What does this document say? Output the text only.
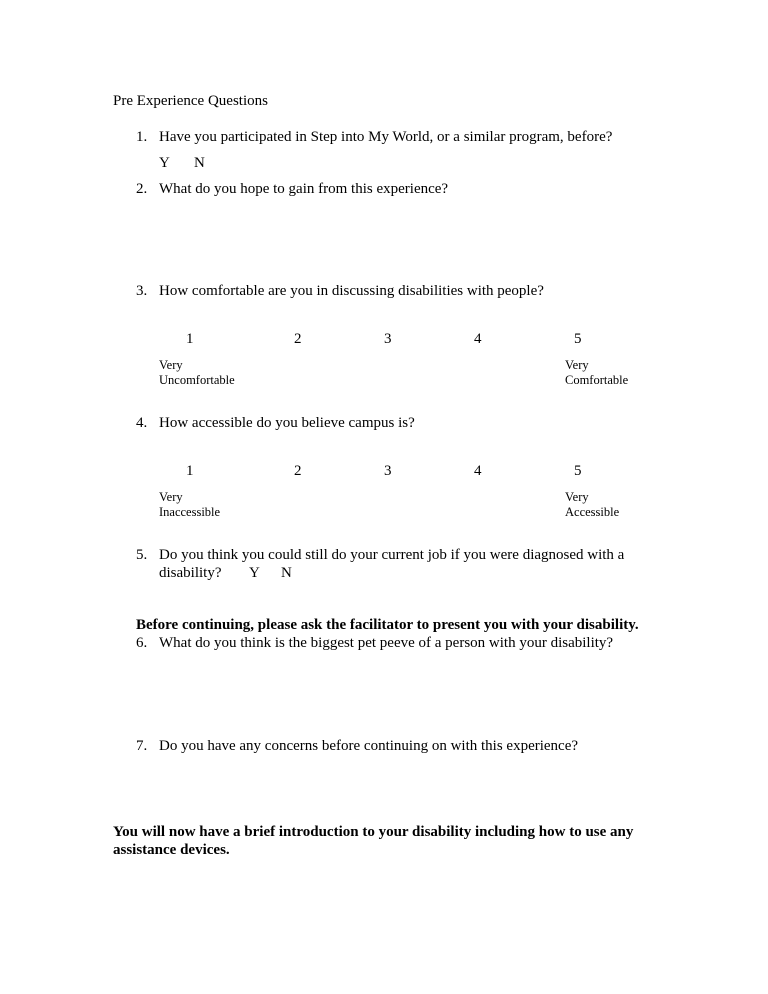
Pre Experience Questions
1. Have you participated in Step into My World, or a similar program, before?
Y N
2. What do you hope to gain from this experience?
3. How comfortable are you in discussing disabilities with people?
1	2	3	4	5
Very
Uncomfortable
Very
Comfortable
4. How accessible do you believe campus is?
1	2	3	4	5
Very
Inaccessible
Very
Accessible
5. Do you think you could still do your current job if you were diagnosed with a
disability? Y N
Before continuing, please ask the facilitator to present you with your disability.
6. What do you think is the biggest pet peeve of a person with your disability?
7. Do you have any concerns before continuing on with this experience?
You will now have a brief introduction to your disability including how to use any
assistance devices.
